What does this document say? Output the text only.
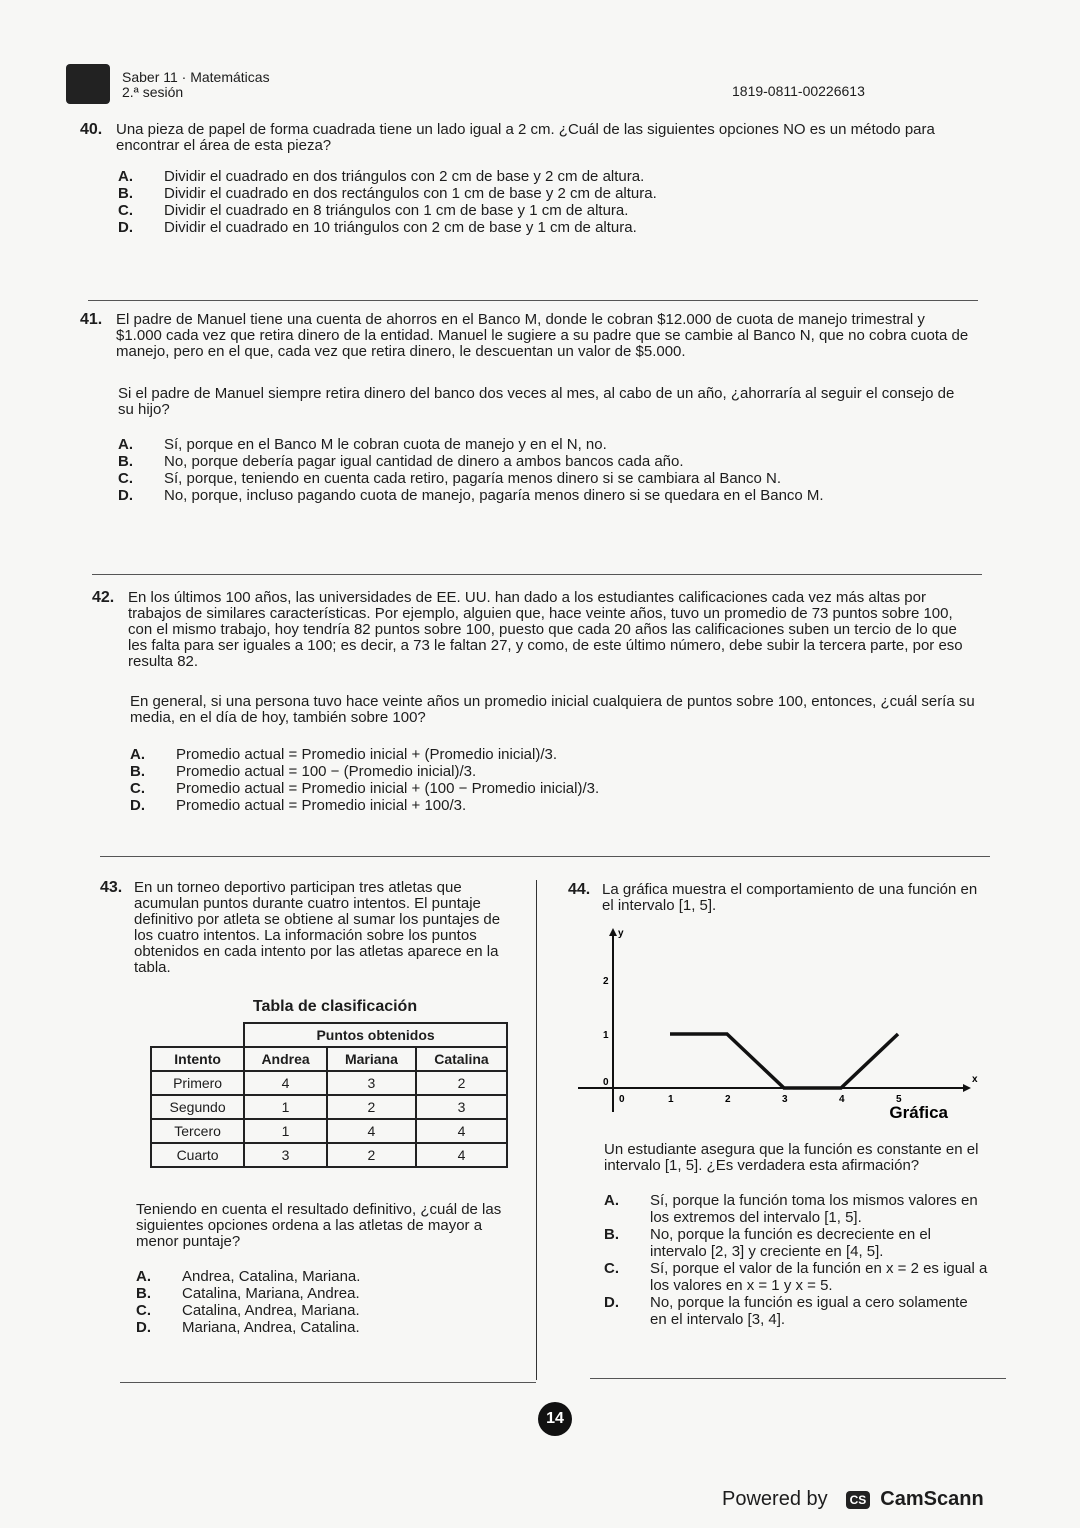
Saber 11 · Matemáticas
2.ª sesión	1819-0811-00226613
40. Una pieza de papel de forma cuadrada tiene un lado igual a 2 cm. ¿Cuál de las siguientes opciones NO es un método para encontrar el área de esta pieza?
A.	Dividir el cuadrado en dos triángulos con 2 cm de base y 2 cm de altura.
B.	Dividir el cuadrado en dos rectángulos con 1 cm de base y 2 cm de altura.
C.	Dividir el cuadrado en 8 triángulos con 1 cm de base y 1 cm de altura.
D.	Dividir el cuadrado en 10 triángulos con 2 cm de base y 1 cm de altura.
41. El padre de Manuel tiene una cuenta de ahorros en el Banco M, donde le cobran $12.000 de cuota de manejo trimestral y $1.000 cada vez que retira dinero de la entidad. Manuel le sugiere a su padre que se cambie al Banco N, que no cobra cuota de manejo, pero en el que, cada vez que retira dinero, le descuentan un valor de $5.000.
Si el padre de Manuel siempre retira dinero del banco dos veces al mes, al cabo de un año, ¿ahorraría al seguir el consejo de su hijo?
A.	Sí, porque en el Banco M le cobran cuota de manejo y en el N, no.
B.	No, porque debería pagar igual cantidad de dinero a ambos bancos cada año.
C.	Sí, porque, teniendo en cuenta cada retiro, pagaría menos dinero si se cambiara al Banco N.
D.	No, porque, incluso pagando cuota de manejo, pagaría menos dinero si se quedara en el Banco M.
42. En los últimos 100 años, las universidades de EE. UU. han dado a los estudiantes calificaciones cada vez más altas por trabajos de similares características. Por ejemplo, alguien que, hace veinte años, tuvo un promedio de 73 puntos sobre 100, con el mismo trabajo, hoy tendría 82 puntos sobre 100, puesto que cada 20 años las calificaciones suben un tercio de lo que les falta para ser iguales a 100; es decir, a 73 le faltan 27, y como, de este último número, debe subir la tercera parte, por eso resulta 82.
En general, si una persona tuvo hace veinte años un promedio inicial cualquiera de puntos sobre 100, entonces, ¿cuál sería su media, en el día de hoy, también sobre 100?
A.	Promedio actual = Promedio inicial + (Promedio inicial)/3.
B.	Promedio actual = 100 − (Promedio inicial)/3.
C.	Promedio actual = Promedio inicial + (100 − Promedio inicial)/3.
D.	Promedio actual = Promedio inicial + 100/3.
43. En un torneo deportivo participan tres atletas que acumulan puntos durante cuatro intentos. El puntaje definitivo por atleta se obtiene al sumar los puntajes de los cuatro intentos. La información sobre los puntos obtenidos en cada intento por las atletas aparece en la tabla.
Tabla de clasificación
	Puntos obtenidos		
Intento	Andrea	Mariana	Catalina
Primero	4	3	2
Segundo	1	2	3
Tercero	1	4	4
Cuarto	3	2	4
Teniendo en cuenta el resultado definitivo, ¿cuál de las siguientes opciones ordena a las atletas de mayor a menor puntaje?
A.	Andrea, Catalina, Mariana.
B.	Catalina, Mariana, Andrea.
C.	Catalina, Andrea, Mariana.
D.	Mariana, Andrea, Catalina.
44. La gráfica muestra el comportamiento de una función en el intervalo [1, 5].
x
y
0	1	2	3	4	5
0
1
2
Gráfica
Un estudiante asegura que la función es constante en el intervalo [1, 5]. ¿Es verdadera esta afirmación?
A.	Sí, porque la función toma los mismos valores en los extremos del intervalo [1, 5].
B.	No, porque la función es decreciente en el intervalo [2, 3] y creciente en [4, 5].
C.	Sí, porque el valor de la función en x = 2 es igual a los valores en x = 1 y x = 5.
D.	No, porque la función es igual a cero solamente en el intervalo [3, 4].
14
Powered by	CS CamScann
